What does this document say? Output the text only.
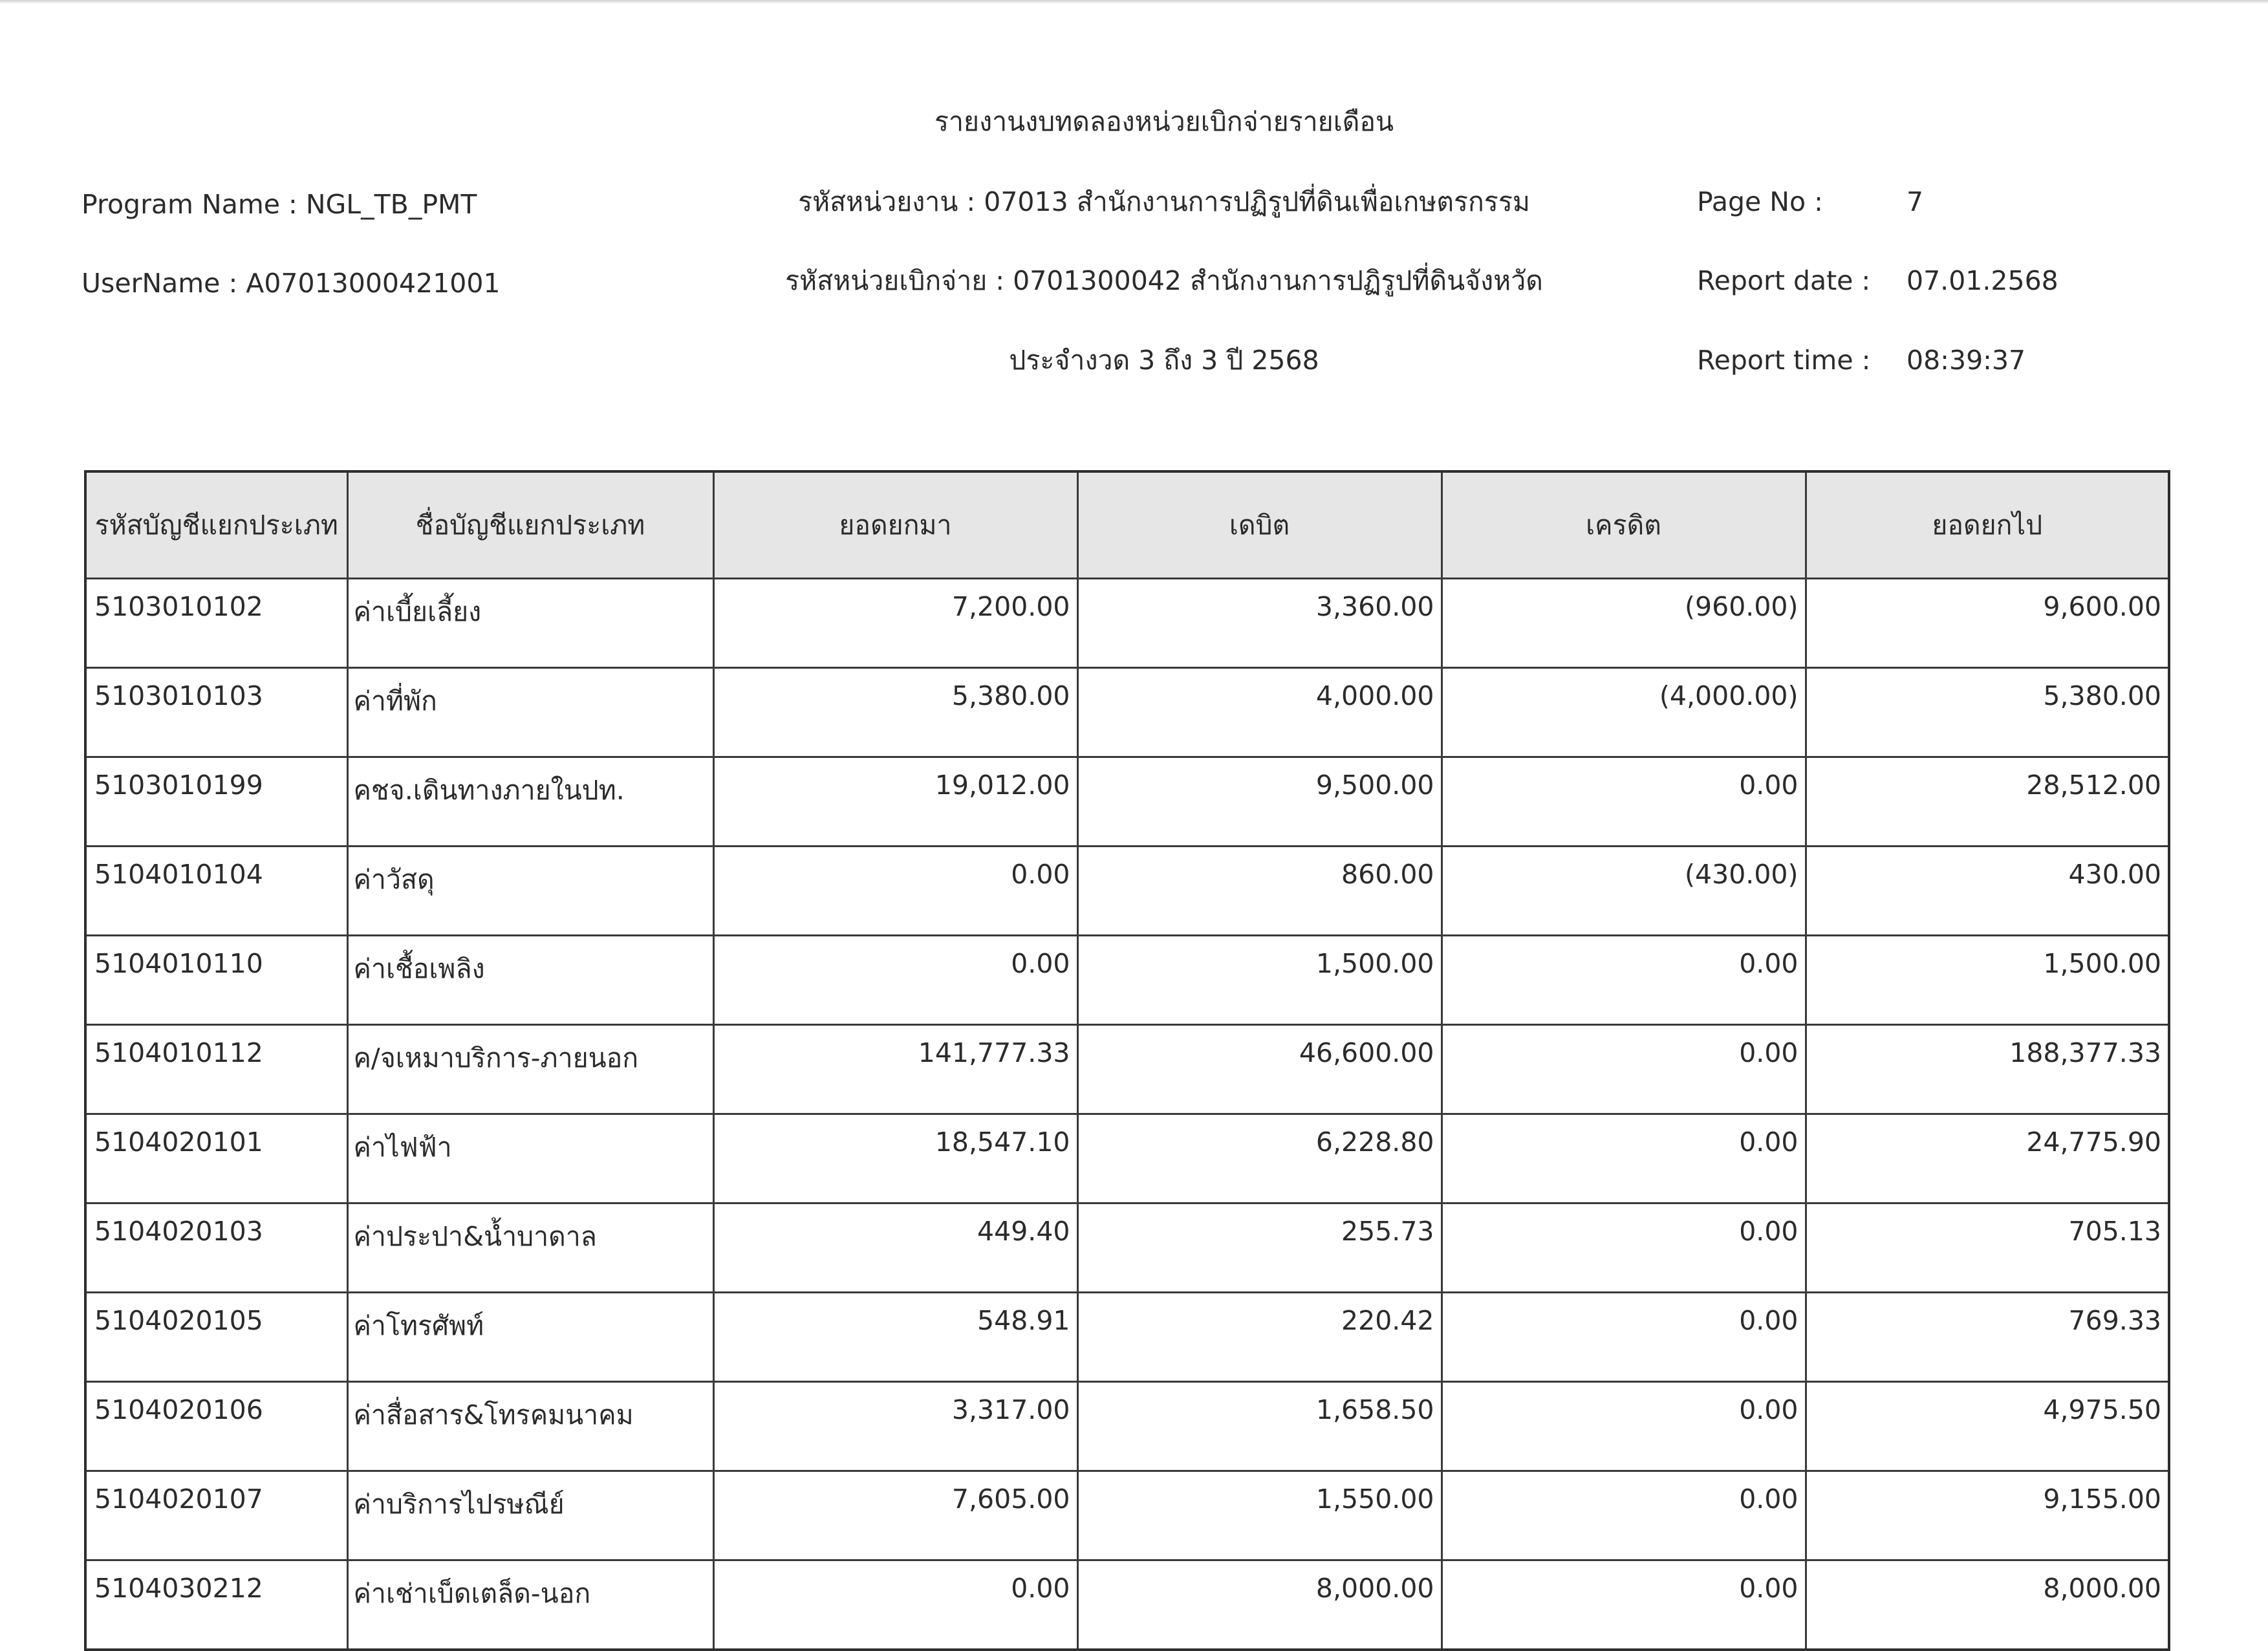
รายงานงบทดลองหน่วยเบิกจ่ายรายเดือน
Program Name : NGL_TB_PMT
UserName : A07013000421001
รหัสหน่วยงาน : 07013 สำนักงานการปฏิรูปที่ดินเพื่อเกษตรกรรม
รหัสหน่วยเบิกจ่าย : 0701300042 สำนักงานการปฏิรูปที่ดินจังหวัด
ประจำงวด 3 ถึง 3 ปี 2568
Page No :	7
Report date : 07.01.2568
Report time : 08:39:37
รหัสบัญชีแยกประเภท	ชื่อบัญชีแยกประเภท	ยอดยกมา	เดบิต	เครดิต	ยอดยกไป
5103010102	ค่าเบี้ยเลี้ยง	7,200.00	3,360.00	(960.00)	9,600.00
5103010103	ค่าที่พัก	5,380.00	4,000.00	(4,000.00)	5,380.00
5103010199	คชจ.เดินทางภายในปท.	19,012.00	9,500.00	0.00	28,512.00
5104010104	ค่าวัสดุ	0.00	860.00	(430.00)	430.00
5104010110	ค่าเชื้อเพลิง	0.00	1,500.00	0.00	1,500.00
5104010112	ค/จเหมาบริการ-ภายนอก	141,777.33	46,600.00	0.00	188,377.33
5104020101	ค่าไฟฟ้า	18,547.10	6,228.80	0.00	24,775.90
5104020103	ค่าประปา&น้ำบาดาล	449.40	255.73	0.00	705.13
5104020105	ค่าโทรศัพท์	548.91	220.42	0.00	769.33
5104020106	ค่าสื่อสาร&โทรคมนาคม	3,317.00	1,658.50	0.00	4,975.50
5104020107	ค่าบริการไปรษณีย์	7,605.00	1,550.00	0.00	9,155.00
5104030212	ค่าเช่าเบ็ดเตล็ด-นอก	0.00	8,000.00	0.00	8,000.00
